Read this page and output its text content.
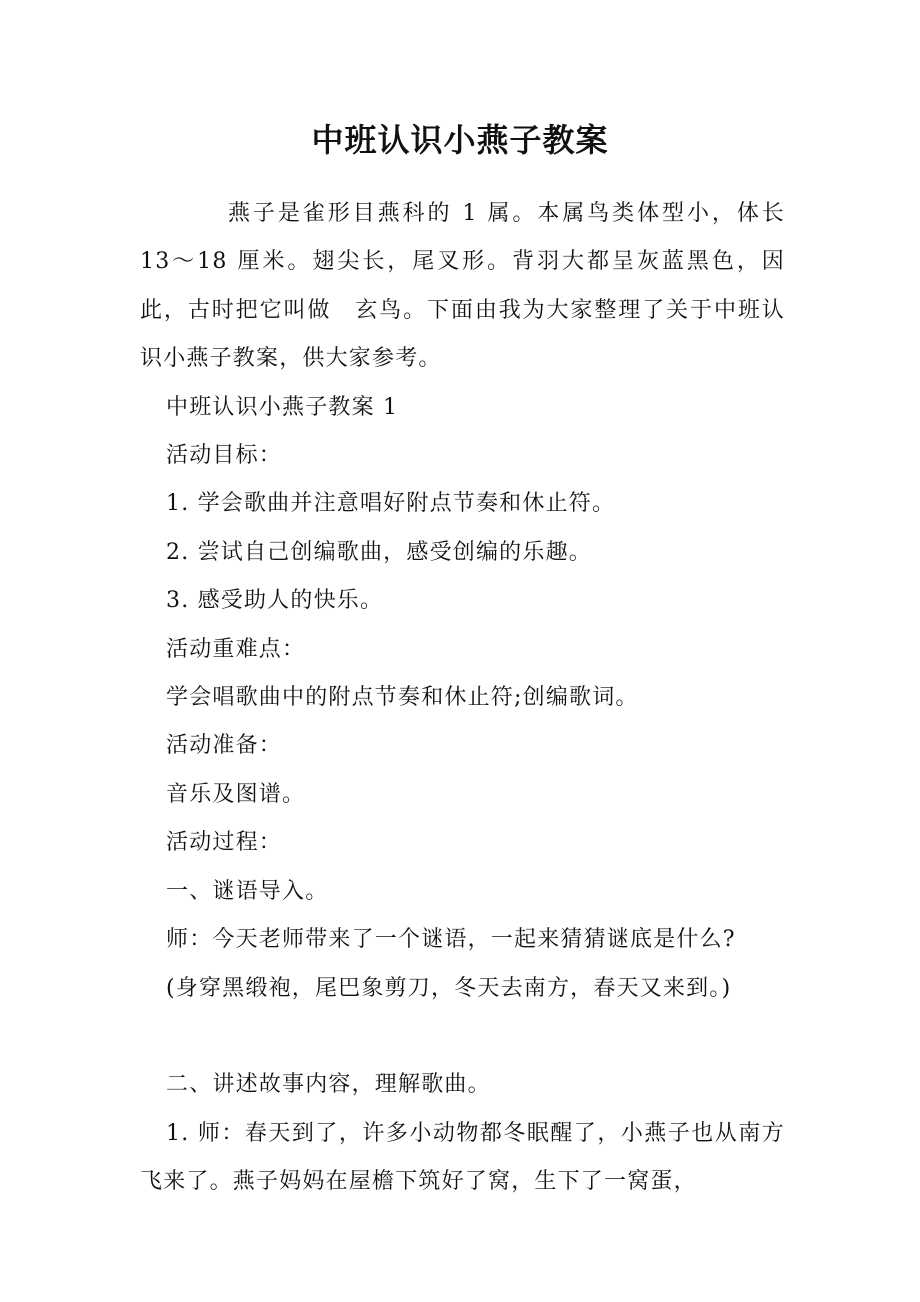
中班认识小燕子教案

燕子是雀形目燕科的 1 属。本属鸟类体型小，体长 13～18 厘米。翅尖长，尾叉形。背羽大都呈灰蓝黑色，因此，古时把它叫做　玄鸟。下面由我为大家整理了关于中班认识小燕子教案，供大家参考。

中班认识小燕子教案 1

活动目标：

1. 学会歌曲并注意唱好附点节奏和休止符。

2. 尝试自己创编歌曲，感受创编的乐趣。

3. 感受助人的快乐。

活动重难点：

学会唱歌曲中的附点节奏和休止符;创编歌词。

活动准备：

音乐及图谱。

活动过程：

一、谜语导入。

师：今天老师带来了一个谜语，一起来猜猜谜底是什么?

(身穿黑缎袍，尾巴象剪刀，冬天去南方，春天又来到。)

二、讲述故事内容，理解歌曲。

1. 师：春天到了，许多小动物都冬眠醒了，小燕子也从南方飞来了。燕子妈妈在屋檐下筑好了窝，生下了一窝蛋，
